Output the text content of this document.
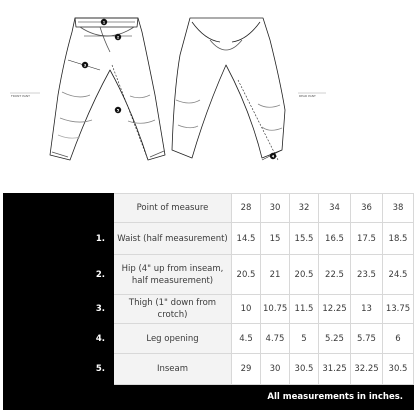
1
2
3
4
5
FRONT PANT	REAR PANT
	Point of measure	28	30	32	34	36	38
1.	Waist (half measurement)	14.5	15	15.5	16.5	17.5	18.5
2.	Hip (4" up from inseam, half measurement)	20.5	21	20.5	22.5	23.5	24.5
3.	Thigh (1" down from crotch)	10	10.75	11.5	12.25	13	13.75
4.	Leg opening	4.5	4.75	5	5.25	5.75	6
5.	Inseam	29	30	30.5	31.25	32.25	30.5
All measurements in inches.							
